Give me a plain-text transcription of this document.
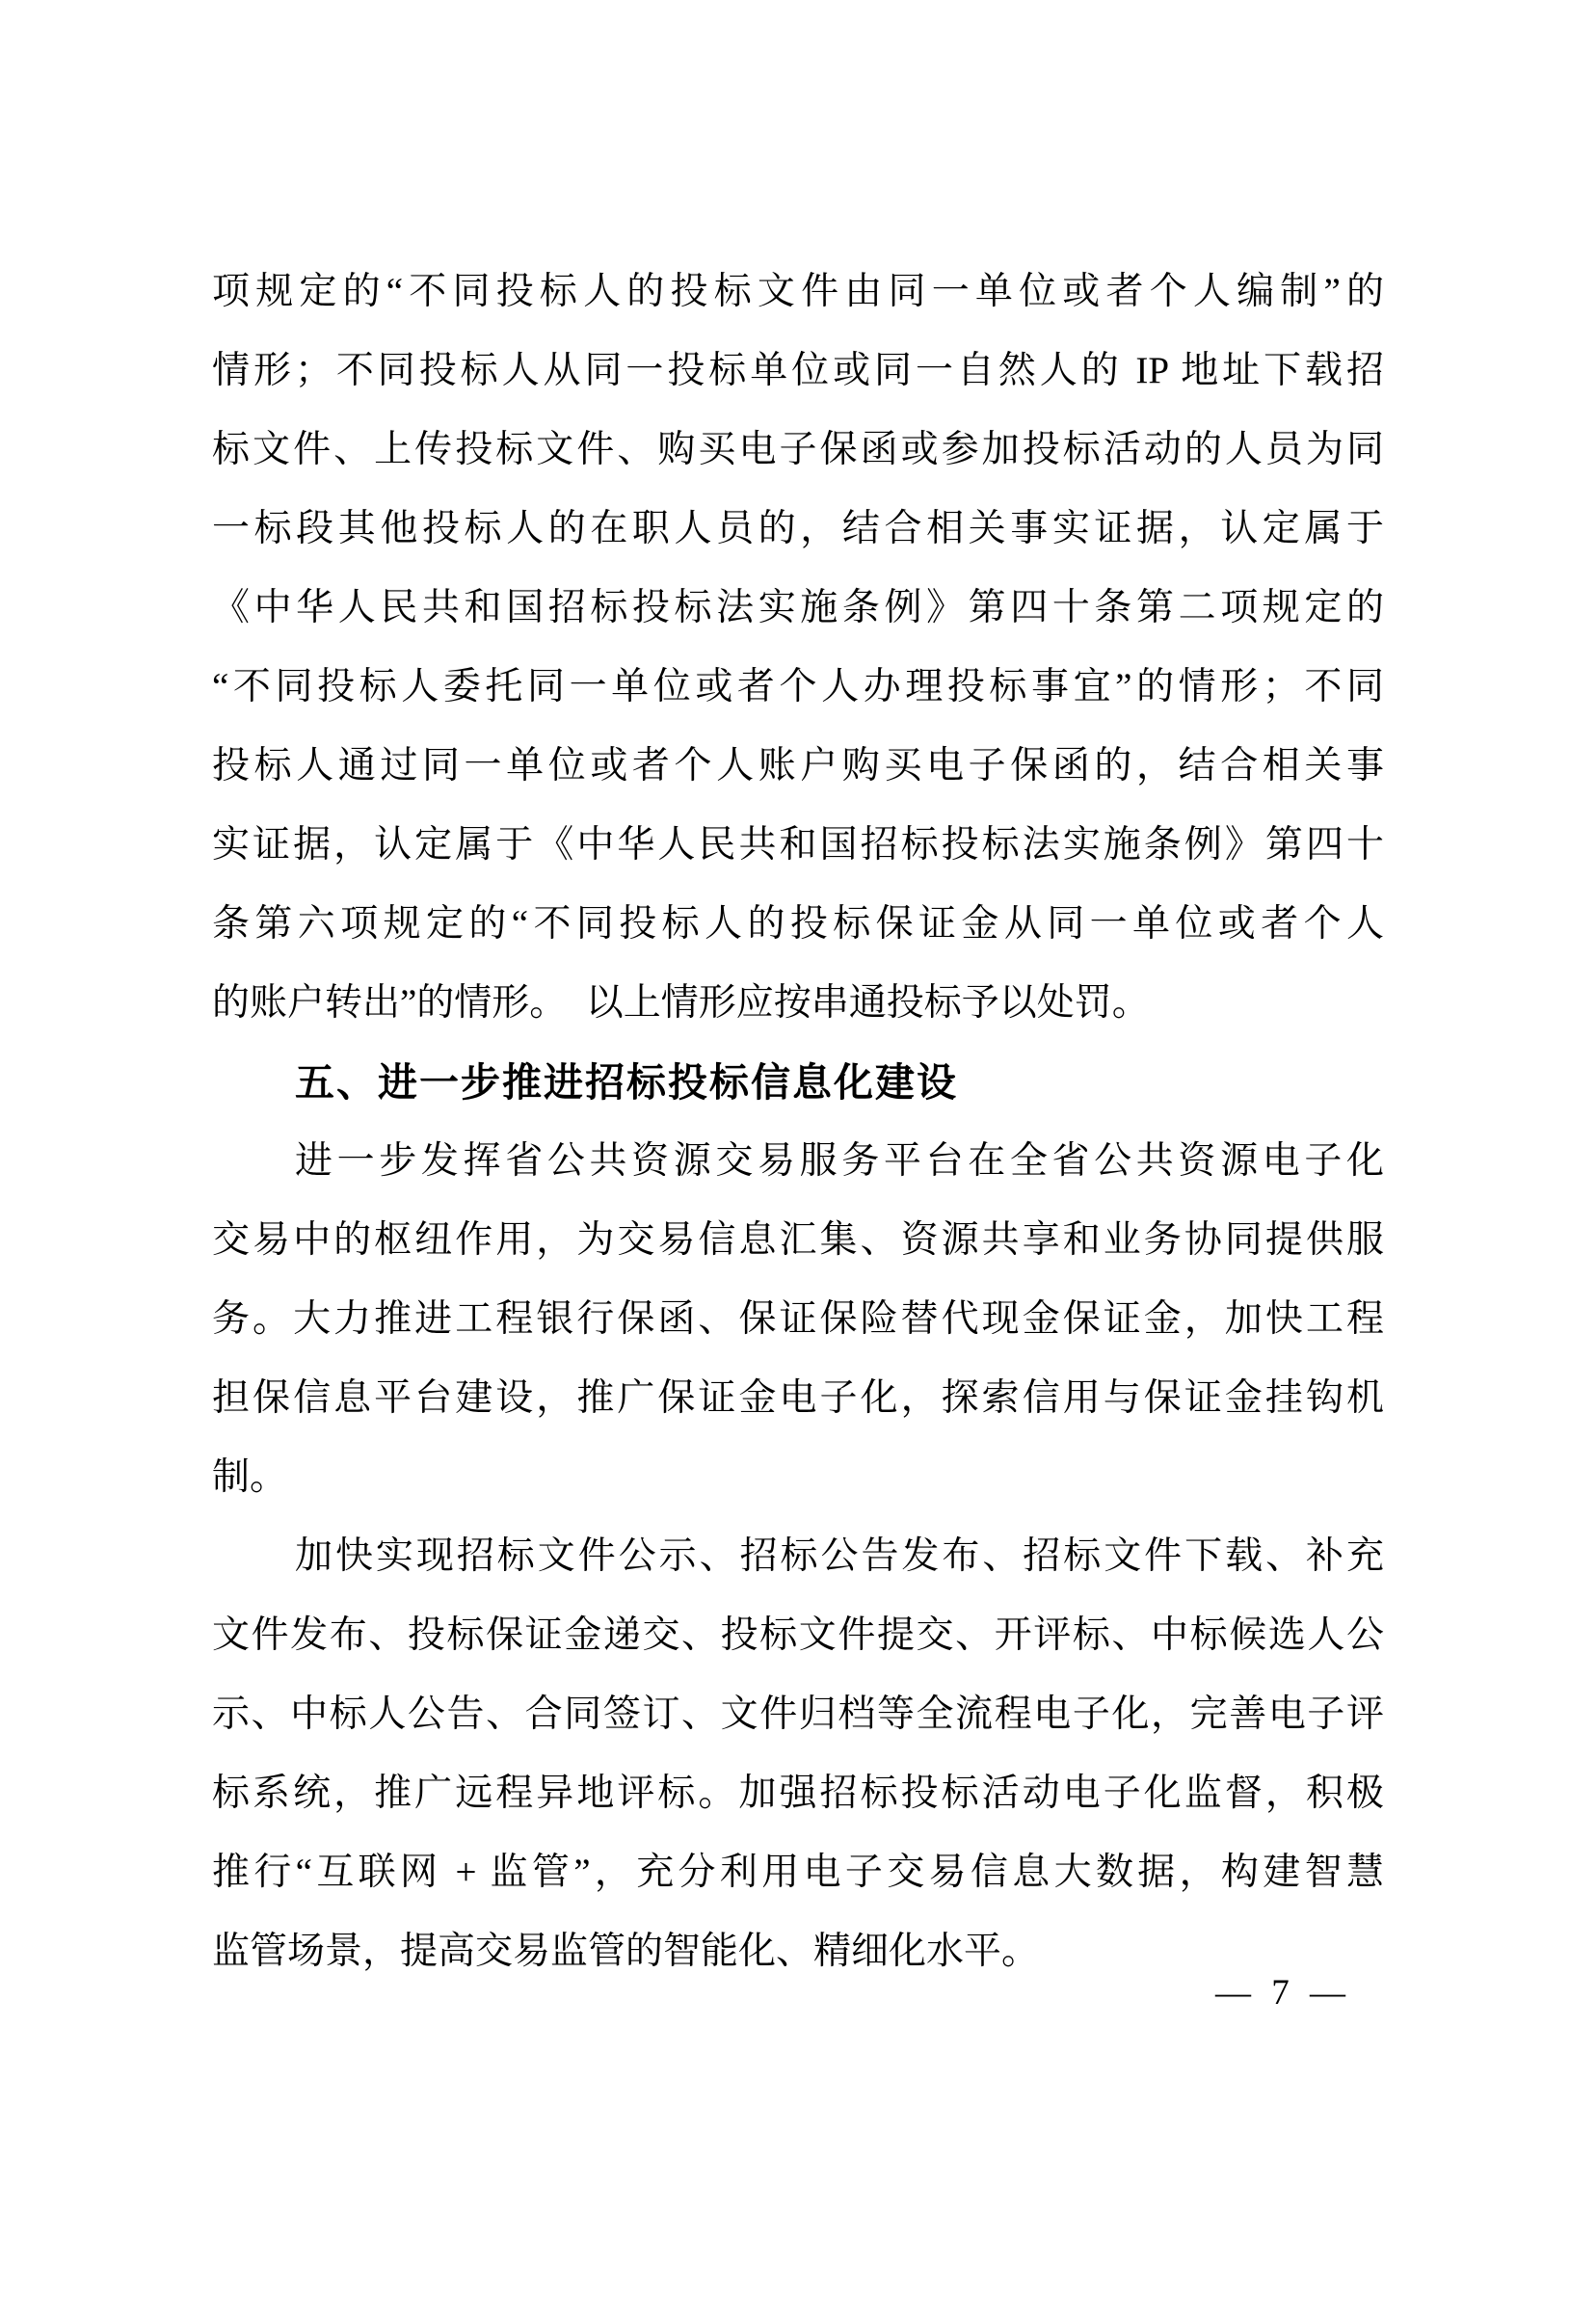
项规定的“不同投标人的投标文件由同一单位或者个人编制”的

情形；不同投标人从同一投标单位或同一自然人的 IP 地址下载招

标文件、上传投标文件、购买电子保函或参加投标活动的人员为同

一标段其他投标人的在职人员的，结合相关事实证据，认定属于

《中华人民共和国招标投标法实施条例》第四十条第二项规定的

“不同投标人委托同一单位或者个人办理投标事宜”的情形；不同

投标人通过同一单位或者个人账户购买电子保函的，结合相关事

实证据，认定属于《中华人民共和国招标投标法实施条例》第四十

条第六项规定的“不同投标人的投标保证金从同一单位或者个人

的账户转出”的情形。　以上情形应按串通投标予以处罚。

五、进一步推进招标投标信息化建设

进一步发挥省公共资源交易服务平台在全省公共资源电子化

交易中的枢纽作用，为交易信息汇集、资源共享和业务协同提供服

务。大力推进工程银行保函、保证保险替代现金保证金，加快工程

担保信息平台建设，推广保证金电子化，探索信用与保证金挂钩机

制。

加快实现招标文件公示、招标公告发布、招标文件下载、补充

文件发布、投标保证金递交、投标文件提交、开评标、中标候选人公

示、中标人公告、合同签订、文件归档等全流程电子化，完善电子评

标系统，推广远程异地评标。加强招标投标活动电子化监督，积极

推行“互联网 + 监管”，充分利用电子交易信息大数据，构建智慧

监管场景，提高交易监管的智能化、精细化水平。

— 7 —
